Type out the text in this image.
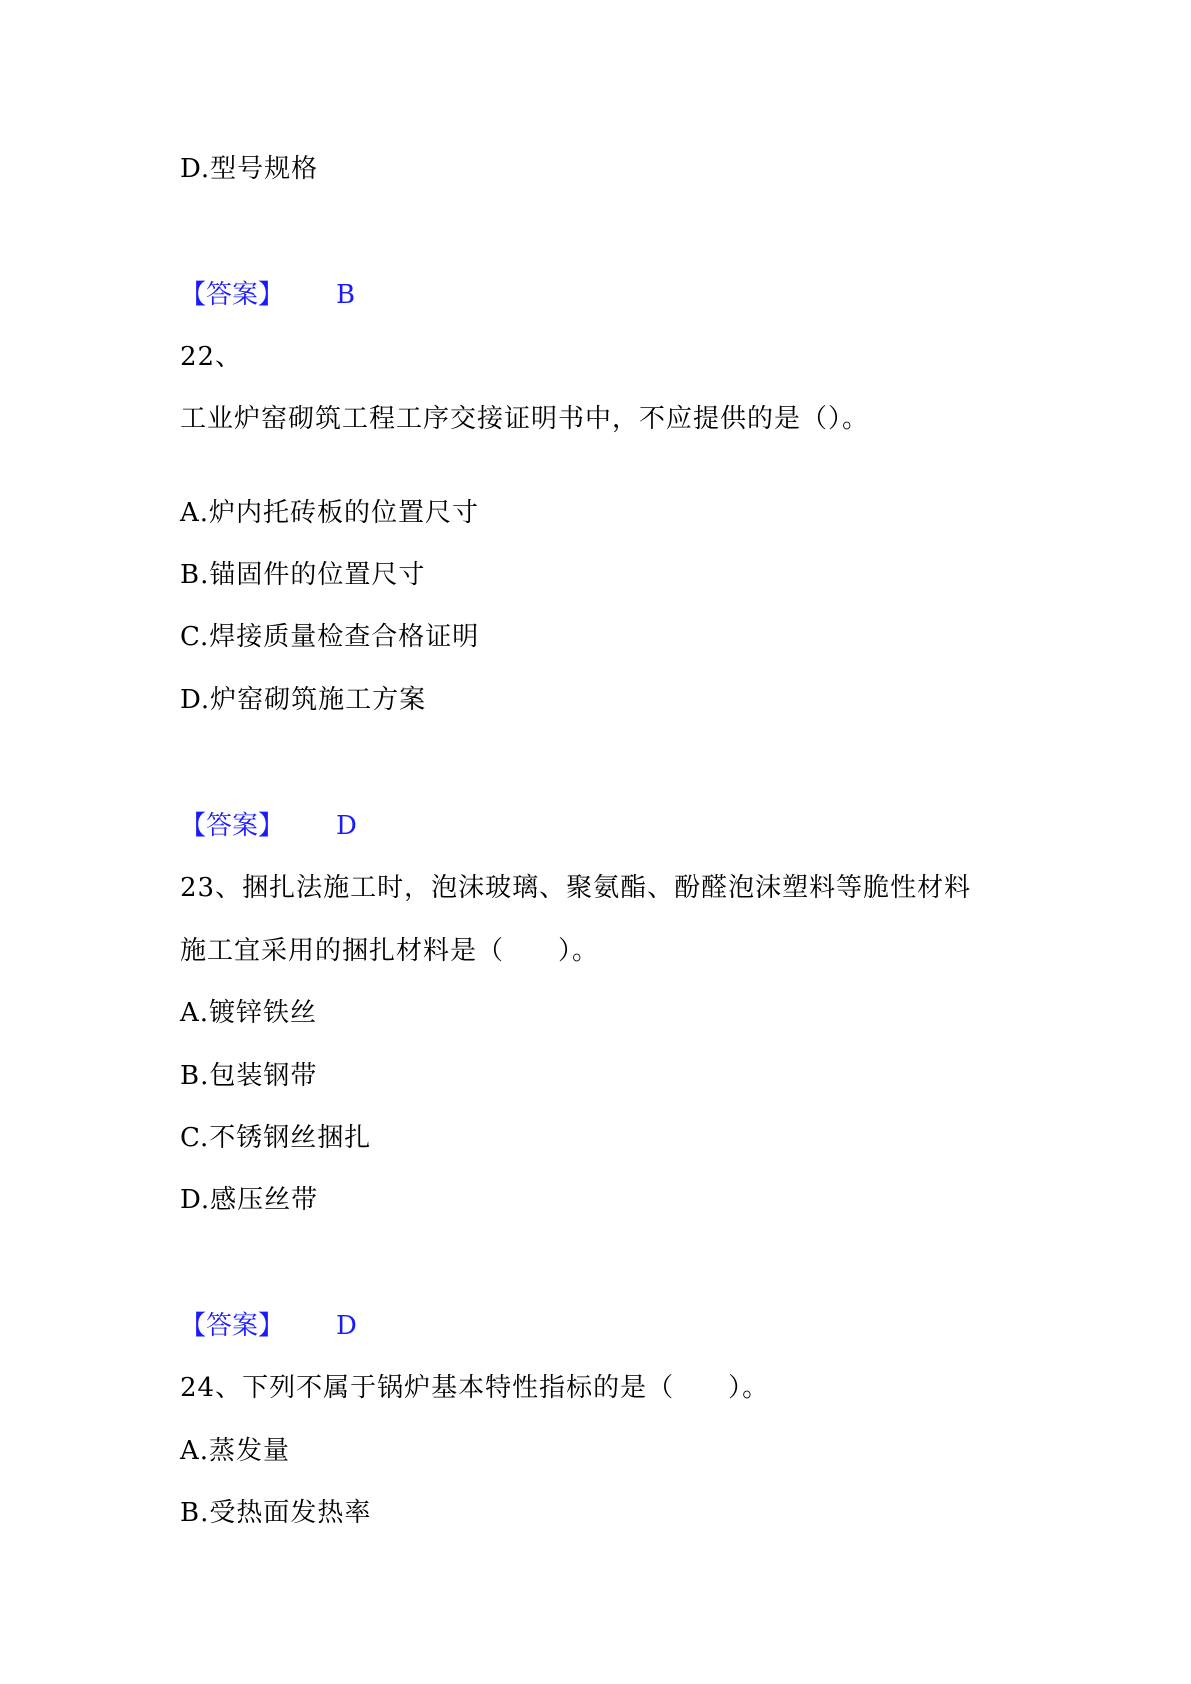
D.型号规格
【答案】 B
22、
工业炉窑砌筑工程工序交接证明书中，不应提供的是（）。
A.炉内托砖板的位置尺寸
B.锚固件的位置尺寸
C.焊接质量检查合格证明
D.炉窑砌筑施工方案
【答案】 D
23、捆扎法施工时，泡沫玻璃、聚氨酯、酚醛泡沫塑料等脆性材料
施工宜采用的捆扎材料是（　　）。
A.镀锌铁丝
B.包装钢带
C.不锈钢丝捆扎
D.感压丝带
【答案】 D
24、下列不属于锅炉基本特性指标的是（　　）。
A.蒸发量
B.受热面发热率
